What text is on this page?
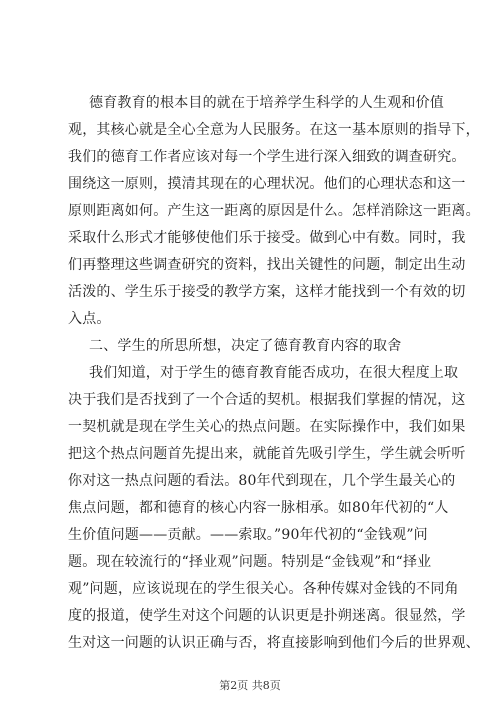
德育教育的根本目的就在于培养学生科学的人生观和价值
观，其核心就是全心全意为人民服务。在这一基本原则的指导下，
我们的德育工作者应该对每一个学生进行深入细致的调查研究。
围绕这一原则，摸清其现在的心理状况。他们的心理状态和这一
原则距离如何。产生这一距离的原因是什么。怎样消除这一距离。
采取什么形式才能够使他们乐于接受。做到心中有数。同时，我
们再整理这些调查研究的资料，找出关键性的问题，制定出生动
活泼的、学生乐于接受的教学方案，这样才能找到一个有效的切
入点。
二、学生的所思所想，决定了德育教育内容的取舍
我们知道，对于学生的德育教育能否成功，在很大程度上取
决于我们是否找到了一个合适的契机。根据我们掌握的情况，这
一契机就是现在学生关心的热点问题。在实际操作中，我们如果
把这个热点问题首先提出来，就能首先吸引学生，学生就会听听
你对这一热点问题的看法。80年代到现在，几个学生最关心的
焦点问题，都和德育的核心内容一脉相承。如80年代初的“人
生价值问题——贡献。——索取。”90年代初的“金钱观”问
题。现在较流行的“择业观”问题。特别是“金钱观”和“择业
观”问题，应该说现在的学生很关心。各种传媒对金钱的不同角
度的报道，使学生对这个问题的认识更是扑朔迷离。很显然，学
生对这一问题的认识正确与否，将直接影响到他们今后的世界观、
第2页 共8页
